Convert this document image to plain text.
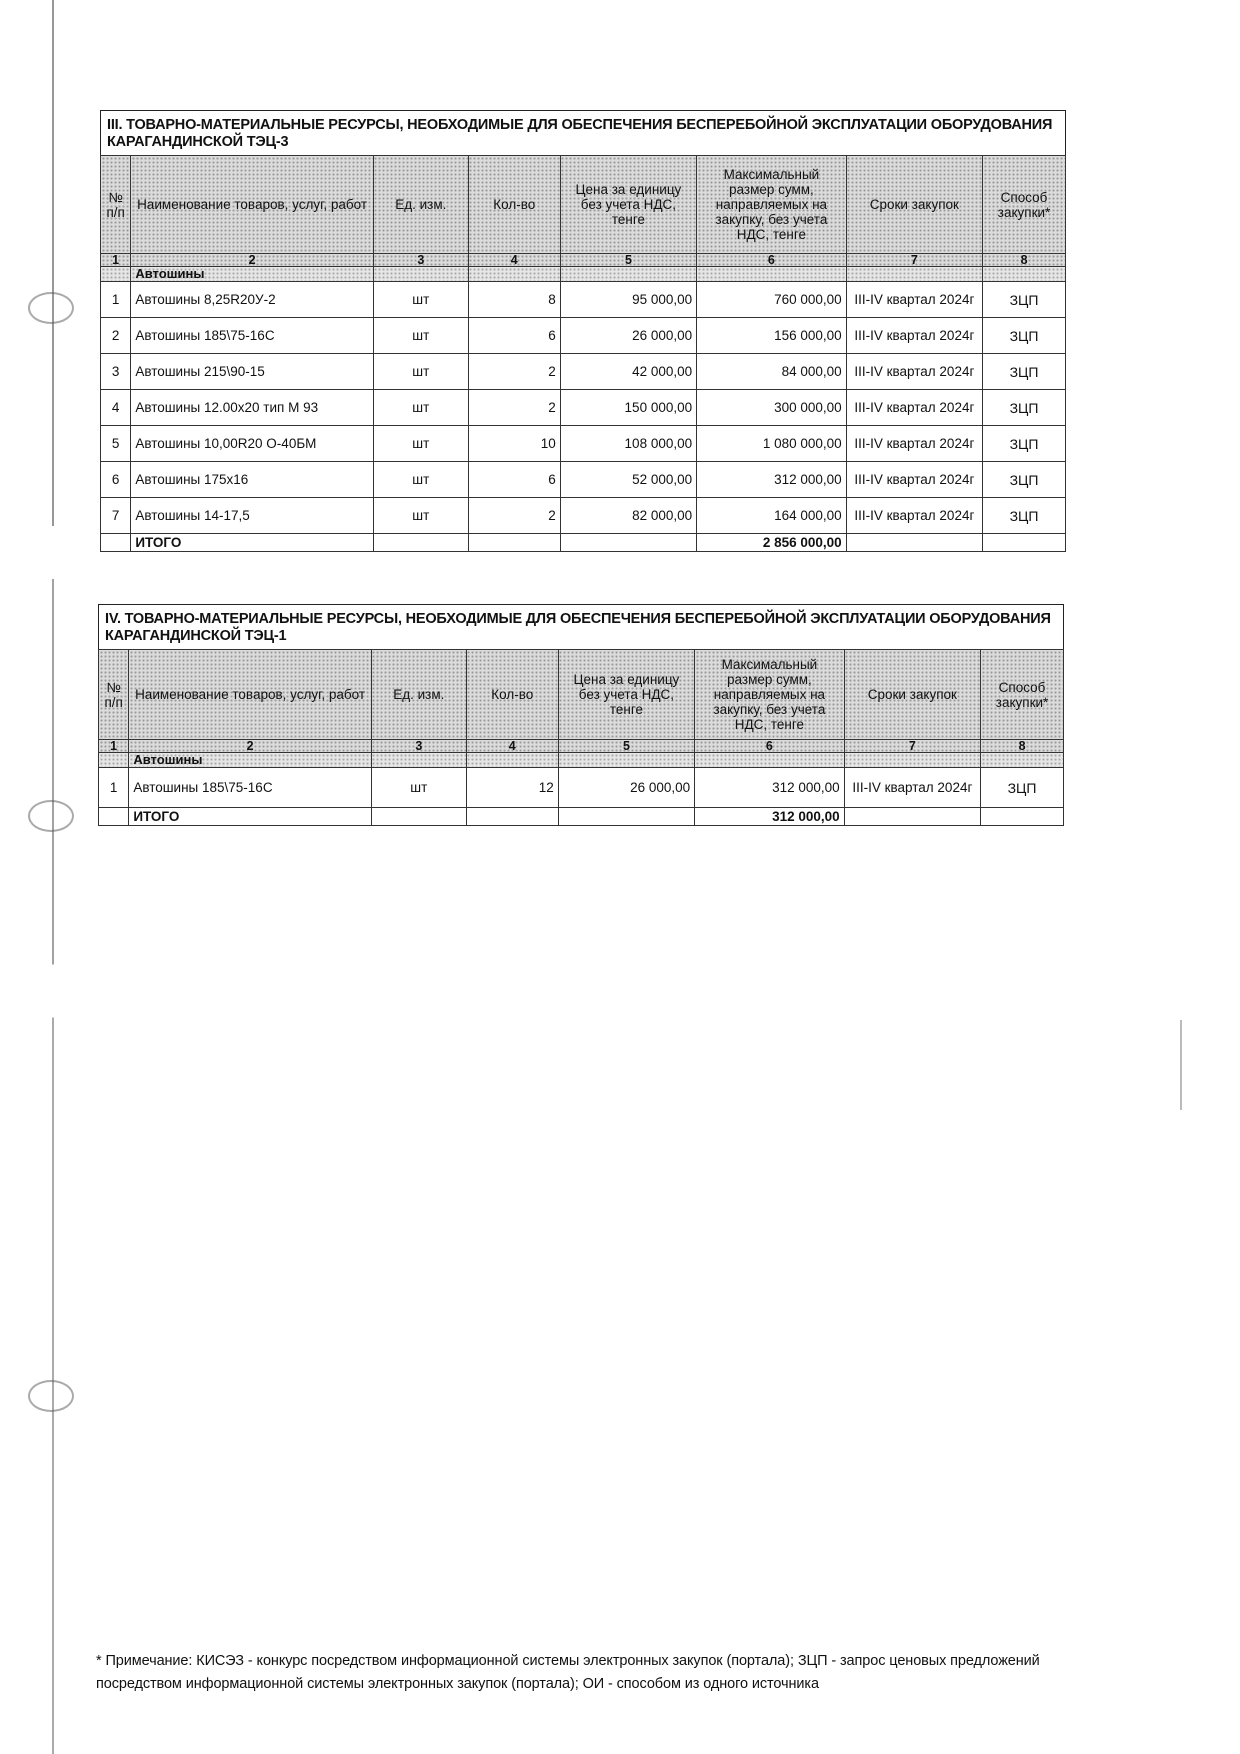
III. ТОВАРНО-МАТЕРИАЛЬНЫЕ РЕСУРСЫ, НЕОБХОДИМЫЕ ДЛЯ ОБЕСПЕЧЕНИЯ БЕСПЕРЕБОЙНОЙ ЭКСПЛУАТАЦИИ ОБОРУДОВАНИЯ КАРАГАНДИНСКОЙ ТЭЦ-3
№ п/п	Наименование товаров, услуг, работ	Ед. изм.	Кол-во	Цена за единицу без учета НДС, тенге	Максимальный размер сумм, направляемых на закупку, без учета НДС, тенге	Сроки закупок	Способ закупки*
1	2	3	4	5	6	7	8
	Автошины						
1	Автошины 8,25R20У-2	шт	8	95 000,00	760 000,00	III-IV квартал 2024г	ЗЦП
2	Автошины 185\75-16С	шт	6	26 000,00	156 000,00	III-IV квартал 2024г	ЗЦП
3	Автошины 215\90-15	шт	2	42 000,00	84 000,00	III-IV квартал 2024г	ЗЦП
4	Автошины 12.00х20 тип М 93	шт	2	150 000,00	300 000,00	III-IV квартал 2024г	ЗЦП
5	Автошины 10,00R20 О-40БМ	шт	10	108 000,00	1 080 000,00	III-IV квартал 2024г	ЗЦП
6	Автошины 175х16	шт	6	52 000,00	312 000,00	III-IV квартал 2024г	ЗЦП
7	Автошины 14-17,5	шт	2	82 000,00	164 000,00	III-IV квартал 2024г	ЗЦП
	ИТОГО				2 856 000,00		
IV. ТОВАРНО-МАТЕРИАЛЬНЫЕ РЕСУРСЫ, НЕОБХОДИМЫЕ ДЛЯ ОБЕСПЕЧЕНИЯ БЕСПЕРЕБОЙНОЙ ЭКСПЛУАТАЦИИ ОБОРУДОВАНИЯ КАРАГАНДИНСКОЙ ТЭЦ-1
№ п/п	Наименование товаров, услуг, работ	Ед. изм.	Кол-во	Цена за единицу без учета НДС, тенге	Максимальный размер сумм, направляемых на закупку, без учета НДС, тенге	Сроки закупок	Способ закупки*
1	2	3	4	5	6	7	8
	Автошины						
1	Автошины 185\75-16С	шт	12	26 000,00	312 000,00	III-IV квартал 2024г	ЗЦП
	ИТОГО				312 000,00		
* Примечание: КИСЭЗ - конкурс посредством информационной системы электронных закупок (портала); ЗЦП - запрос ценовых предложений посредством информационной системы электронных закупок (портала); ОИ - способом из одного источника
